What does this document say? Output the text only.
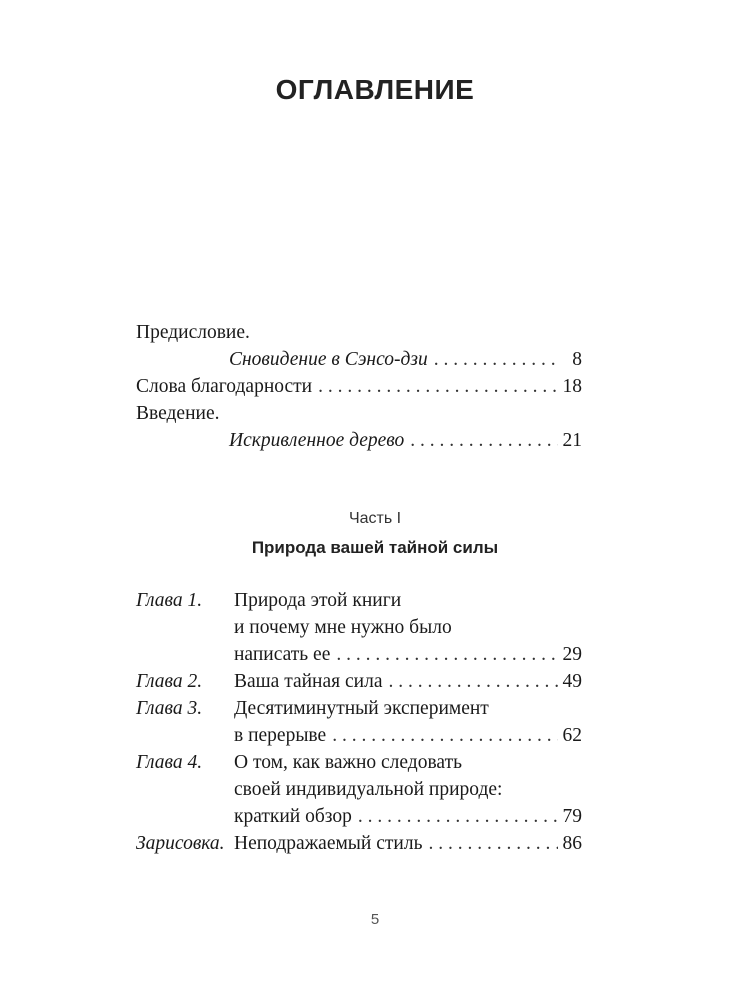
ОГЛАВЛЕНИЕ
Предисловие.
Сновидение в Сэнсо-дзи . . .	8
Слова благодарности . . .	18
Введение.
Искривленное дерево . . .	21
Часть I
Природа вашей тайной силы
Глава 1. Природа этой книги
и почему мне нужно было
написать ее . . .	29
Глава 2. Ваша тайная сила . . .	49
Глава 3. Десятиминутный эксперимент
в перерыве . . .	62
Глава 4. О том, как важно следовать
своей индивидуальной природе:
краткий обзор . . .	79
Зарисовка. Неподражаемый стиль . . .	86
5
